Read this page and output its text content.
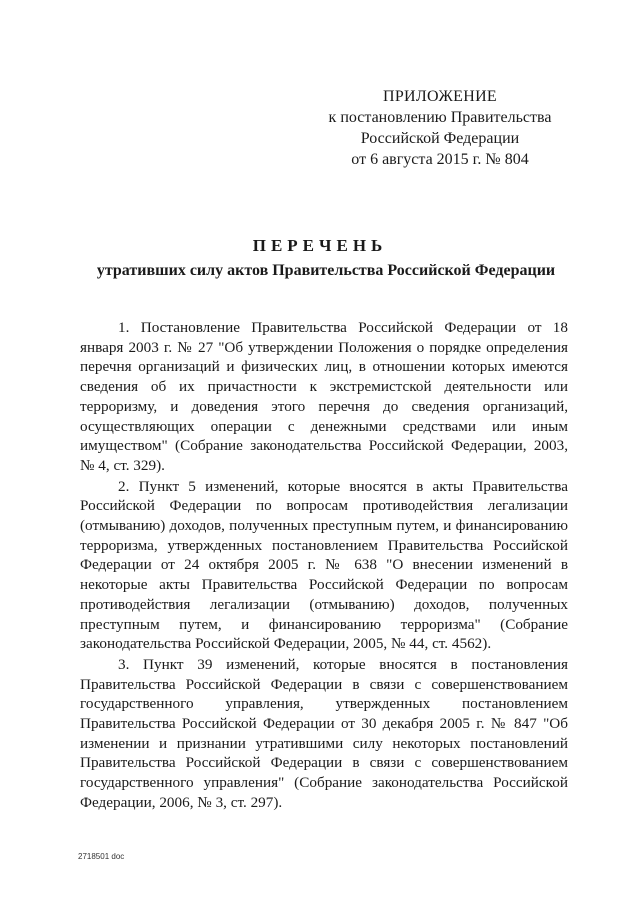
ПРИЛОЖЕНИЕ
к постановлению Правительства
Российской Федерации
от 6 августа 2015 г. № 804
ПЕРЕЧЕНЬ
утративших силу актов Правительства Российской Федерации

1. Постановление Правительства Российской Федерации от 18 января 2003 г. № 27 "Об утверждении Положения о порядке определения перечня организаций и физических лиц, в отношении которых имеются сведения об их причастности к экстремистской деятельности или терроризму, и доведения этого перечня до сведения организаций, осуществляющих операции с денежными средствами или иным имуществом" (Собрание законодательства Российской Федерации, 2003, № 4, ст. 329).

2. Пункт 5 изменений, которые вносятся в акты Правительства Российской Федерации по вопросам противодействия легализации (отмыванию) доходов, полученных преступным путем, и финансированию терроризма, утвержденных постановлением Правительства Российской Федерации от 24 октября 2005 г. № 638 "О внесении изменений в некоторые акты Правительства Российской Федерации по вопросам противодействия легализации (отмыванию) доходов, полученных преступным путем, и финансированию терроризма" (Собрание законодательства Российской Федерации, 2005, № 44, ст. 4562).

3. Пункт 39 изменений, которые вносятся в постановления Правительства Российской Федерации в связи с совершенствованием государственного управления, утвержденных постановлением Правительства Российской Федерации от 30 декабря 2005 г. № 847 "Об изменении и признании утратившими силу некоторых постановлений Правительства Российской Федерации в связи с совершенствованием государственного управления" (Собрание законодательства Российской Федерации, 2006, № 3, ст. 297).

2718501 doc
